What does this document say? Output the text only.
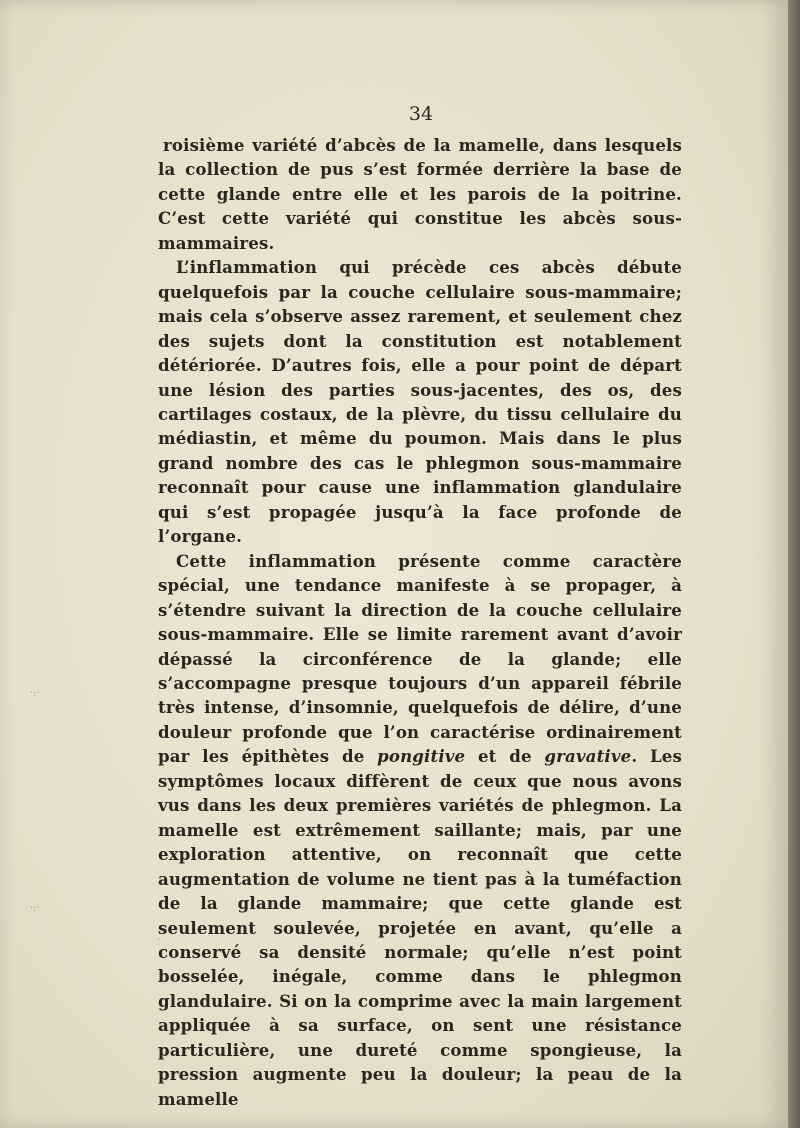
34

roisième variété d’abcès de la mamelle, dans lesquels la collection de pus s’est formée derrière la base de cette glande entre elle et les parois de la poitrine. C’est cette variété qui constitue les abcès sous-mammaires.

L’inflammation qui précède ces abcès débute quelquefois par la couche cellulaire sous-mammaire; mais cela s’observe assez rarement, et seulement chez des sujets dont la constitution est notablement détériorée. D’autres fois, elle a pour point de départ une lésion des parties sous-jacentes, des os, des cartilages costaux, de la plèvre, du tissu cellulaire du médiastin, et même du poumon. Mais dans le plus grand nombre des cas le phlegmon sous-mammaire reconnaît pour cause une inflammation glandulaire qui s’est propagée jusqu’à la face profonde de l’organe.

Cette inflammation présente comme caractère spécial, une tendance manifeste à se propager, à s’étendre suivant la direction de la couche cellulaire sous-mammaire. Elle se limite rarement avant d’avoir dépassé la circonférence de la glande; elle s’accompagne presque toujours d’un appareil fébrile très intense, d’insomnie, quelquefois de délire, d’une douleur profonde que l’on caractérise ordinairement par les épithètes de pongitive et de gravative. Les symptômes locaux diffèrent de ceux que nous avons vus dans les deux premières variétés de phlegmon. La mamelle est extrêmement saillante; mais, par une exploration attentive, on reconnaît que cette augmentation de volume ne tient pas à la tuméfaction de la glande mammaire; que cette glande est seulement soulevée, projetée en avant, qu’elle a conservé sa densité normale; qu’elle n’est point bosselée, inégale, comme dans le phlegmon glandulaire. Si on la comprime avec la main largement appliquée à sa surface, on sent une résistance particulière, une dureté comme spongieuse, la pression augmente peu la douleur; la peau de la mamelle

·:·
·:·
·
